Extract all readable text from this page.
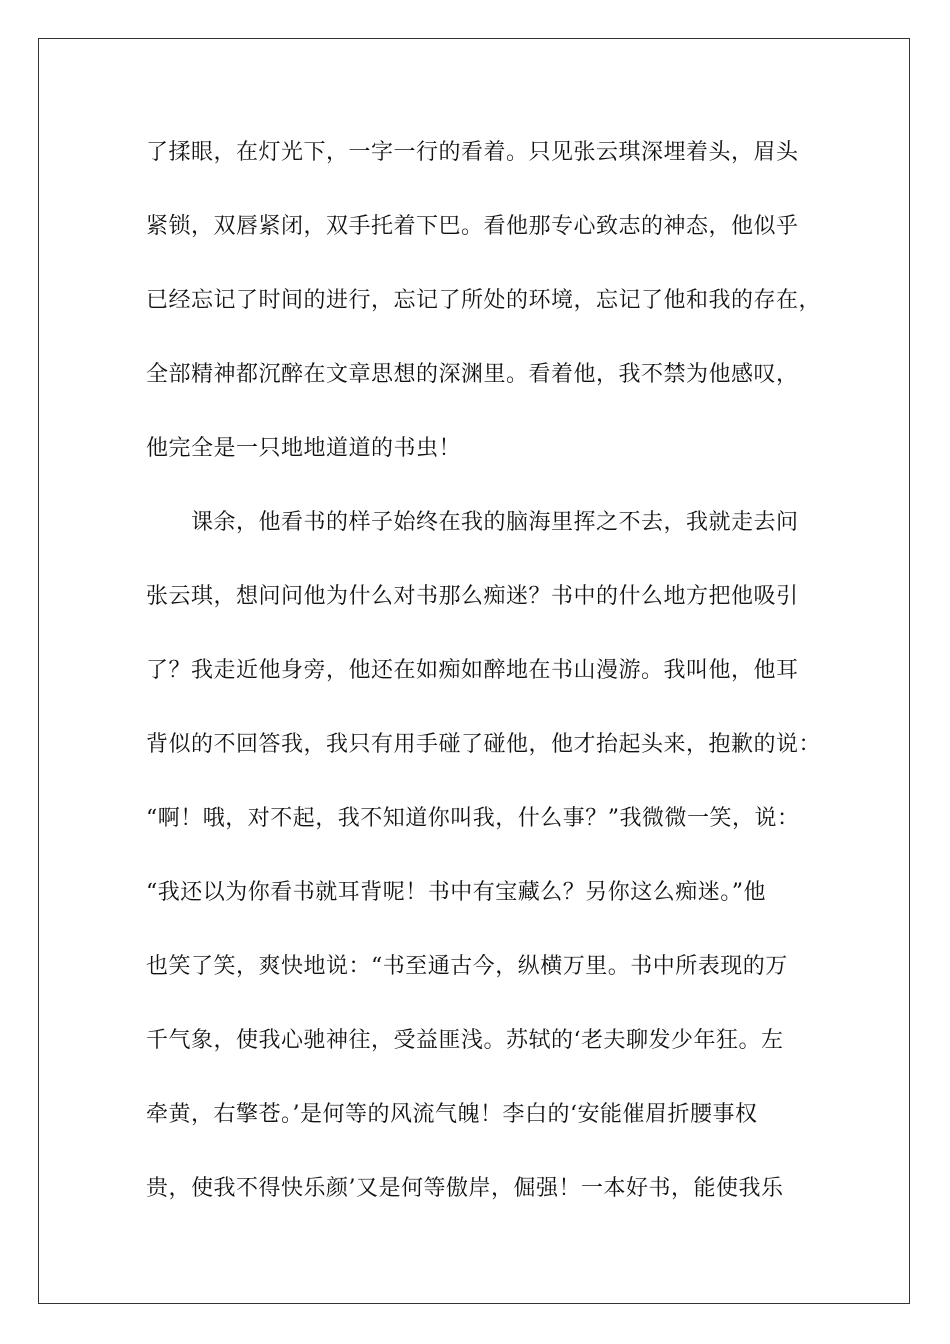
了揉眼，在灯光下，一字一行的看着。只见张云琪深埋着头，眉头
紧锁，双唇紧闭，双手托着下巴。看他那专心致志的神态，他似乎
已经忘记了时间的进行，忘记了所处的环境，忘记了他和我的存在，
全部精神都沉醉在文章思想的深渊里。看着他，我不禁为他感叹，
他完全是一只地地道道的书虫！
　　课余，他看书的样子始终在我的脑海里挥之不去，我就走去问
张云琪，想问问他为什么对书那么痴迷？书中的什么地方把他吸引
了？我走近他身旁，他还在如痴如醉地在书山漫游。我叫他，他耳
背似的不回答我，我只有用手碰了碰他，他才抬起头来，抱歉的说：
“啊！哦，对不起，我不知道你叫我，什么事？”我微微一笑，说：
“我还以为你看书就耳背呢！书中有宝藏么？另你这么痴迷。”他
也笑了笑，爽快地说：“书至通古今，纵横万里。书中所表现的万
千气象，使我心驰神往，受益匪浅。苏轼的‘老夫聊发少年狂。左
牵黄，右擎苍。’是何等的风流气魄！李白的‘安能催眉折腰事权
贵，使我不得快乐颜’又是何等傲岸，倔强！一本好书，能使我乐
